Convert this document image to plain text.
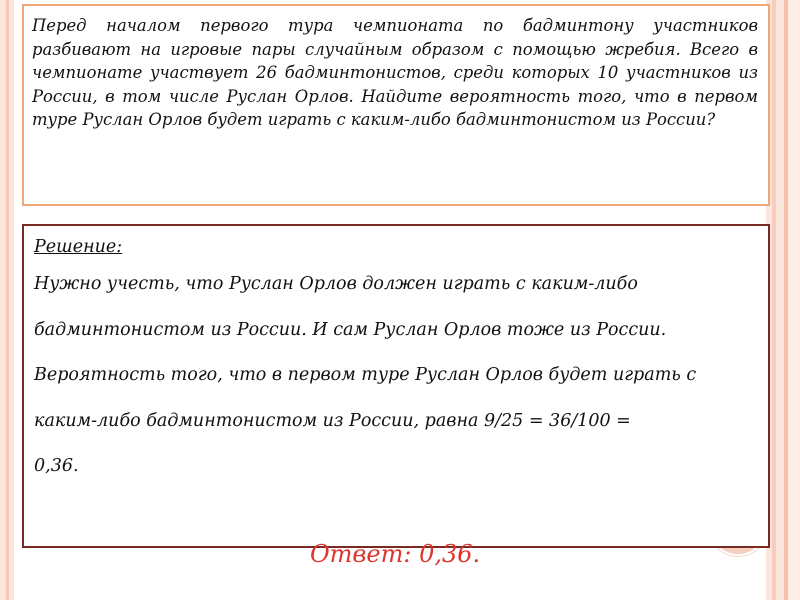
Перед началом первого тура чемпионата по бадминтону участников разбивают на игровые пары случайным образом с помощью жребия. Всего в чемпионате участвует 26 бадминтонистов, среди которых 10 участников из России, в том числе Руслан Орлов. Найдите вероятность того, что в первом туре Руслан Орлов будет играть с каким-либо бадминтонистом из России?

Решение:

Нужно учесть, что Руслан Орлов должен играть с каким-либо

бадминтонистом из России. И сам Руслан Орлов тоже из России.

Вероятность того, что в первом туре Руслан Орлов будет играть с

каким-либо бадминтонистом из России, равна 9/25 = 36/100 =

0,36.

Ответ: 0,36.
